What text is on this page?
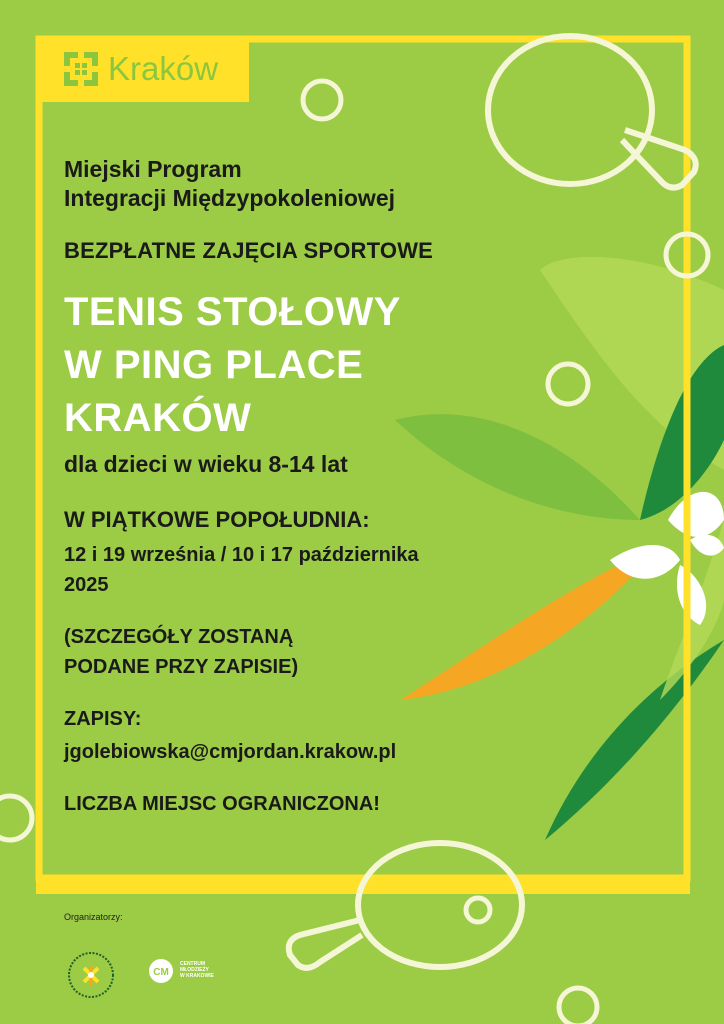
Kraków
Miejski Program
Integracji Międzypokoleniowej
BEZPŁATNE ZAJĘCIA SPORTOWE
TENIS STOŁOWY
W PING PLACE
KRAKÓW
dla dzieci w wieku 8-14 lat
W PIĄTKOWE POPOŁUDNIA:
12 i 19 września / 10 i 17 października
2025
(SZCZEGÓŁY ZOSTANĄ
PODANE PRZY ZAPISIE)
ZAPISY:
jgolebiowska@cmjordan.krakow.pl
LICZBA MIEJSC OGRANICZONA!
Organizatorzy:
CM
CENTRUM
MŁODZIEŻY
W KRAKOWIE
